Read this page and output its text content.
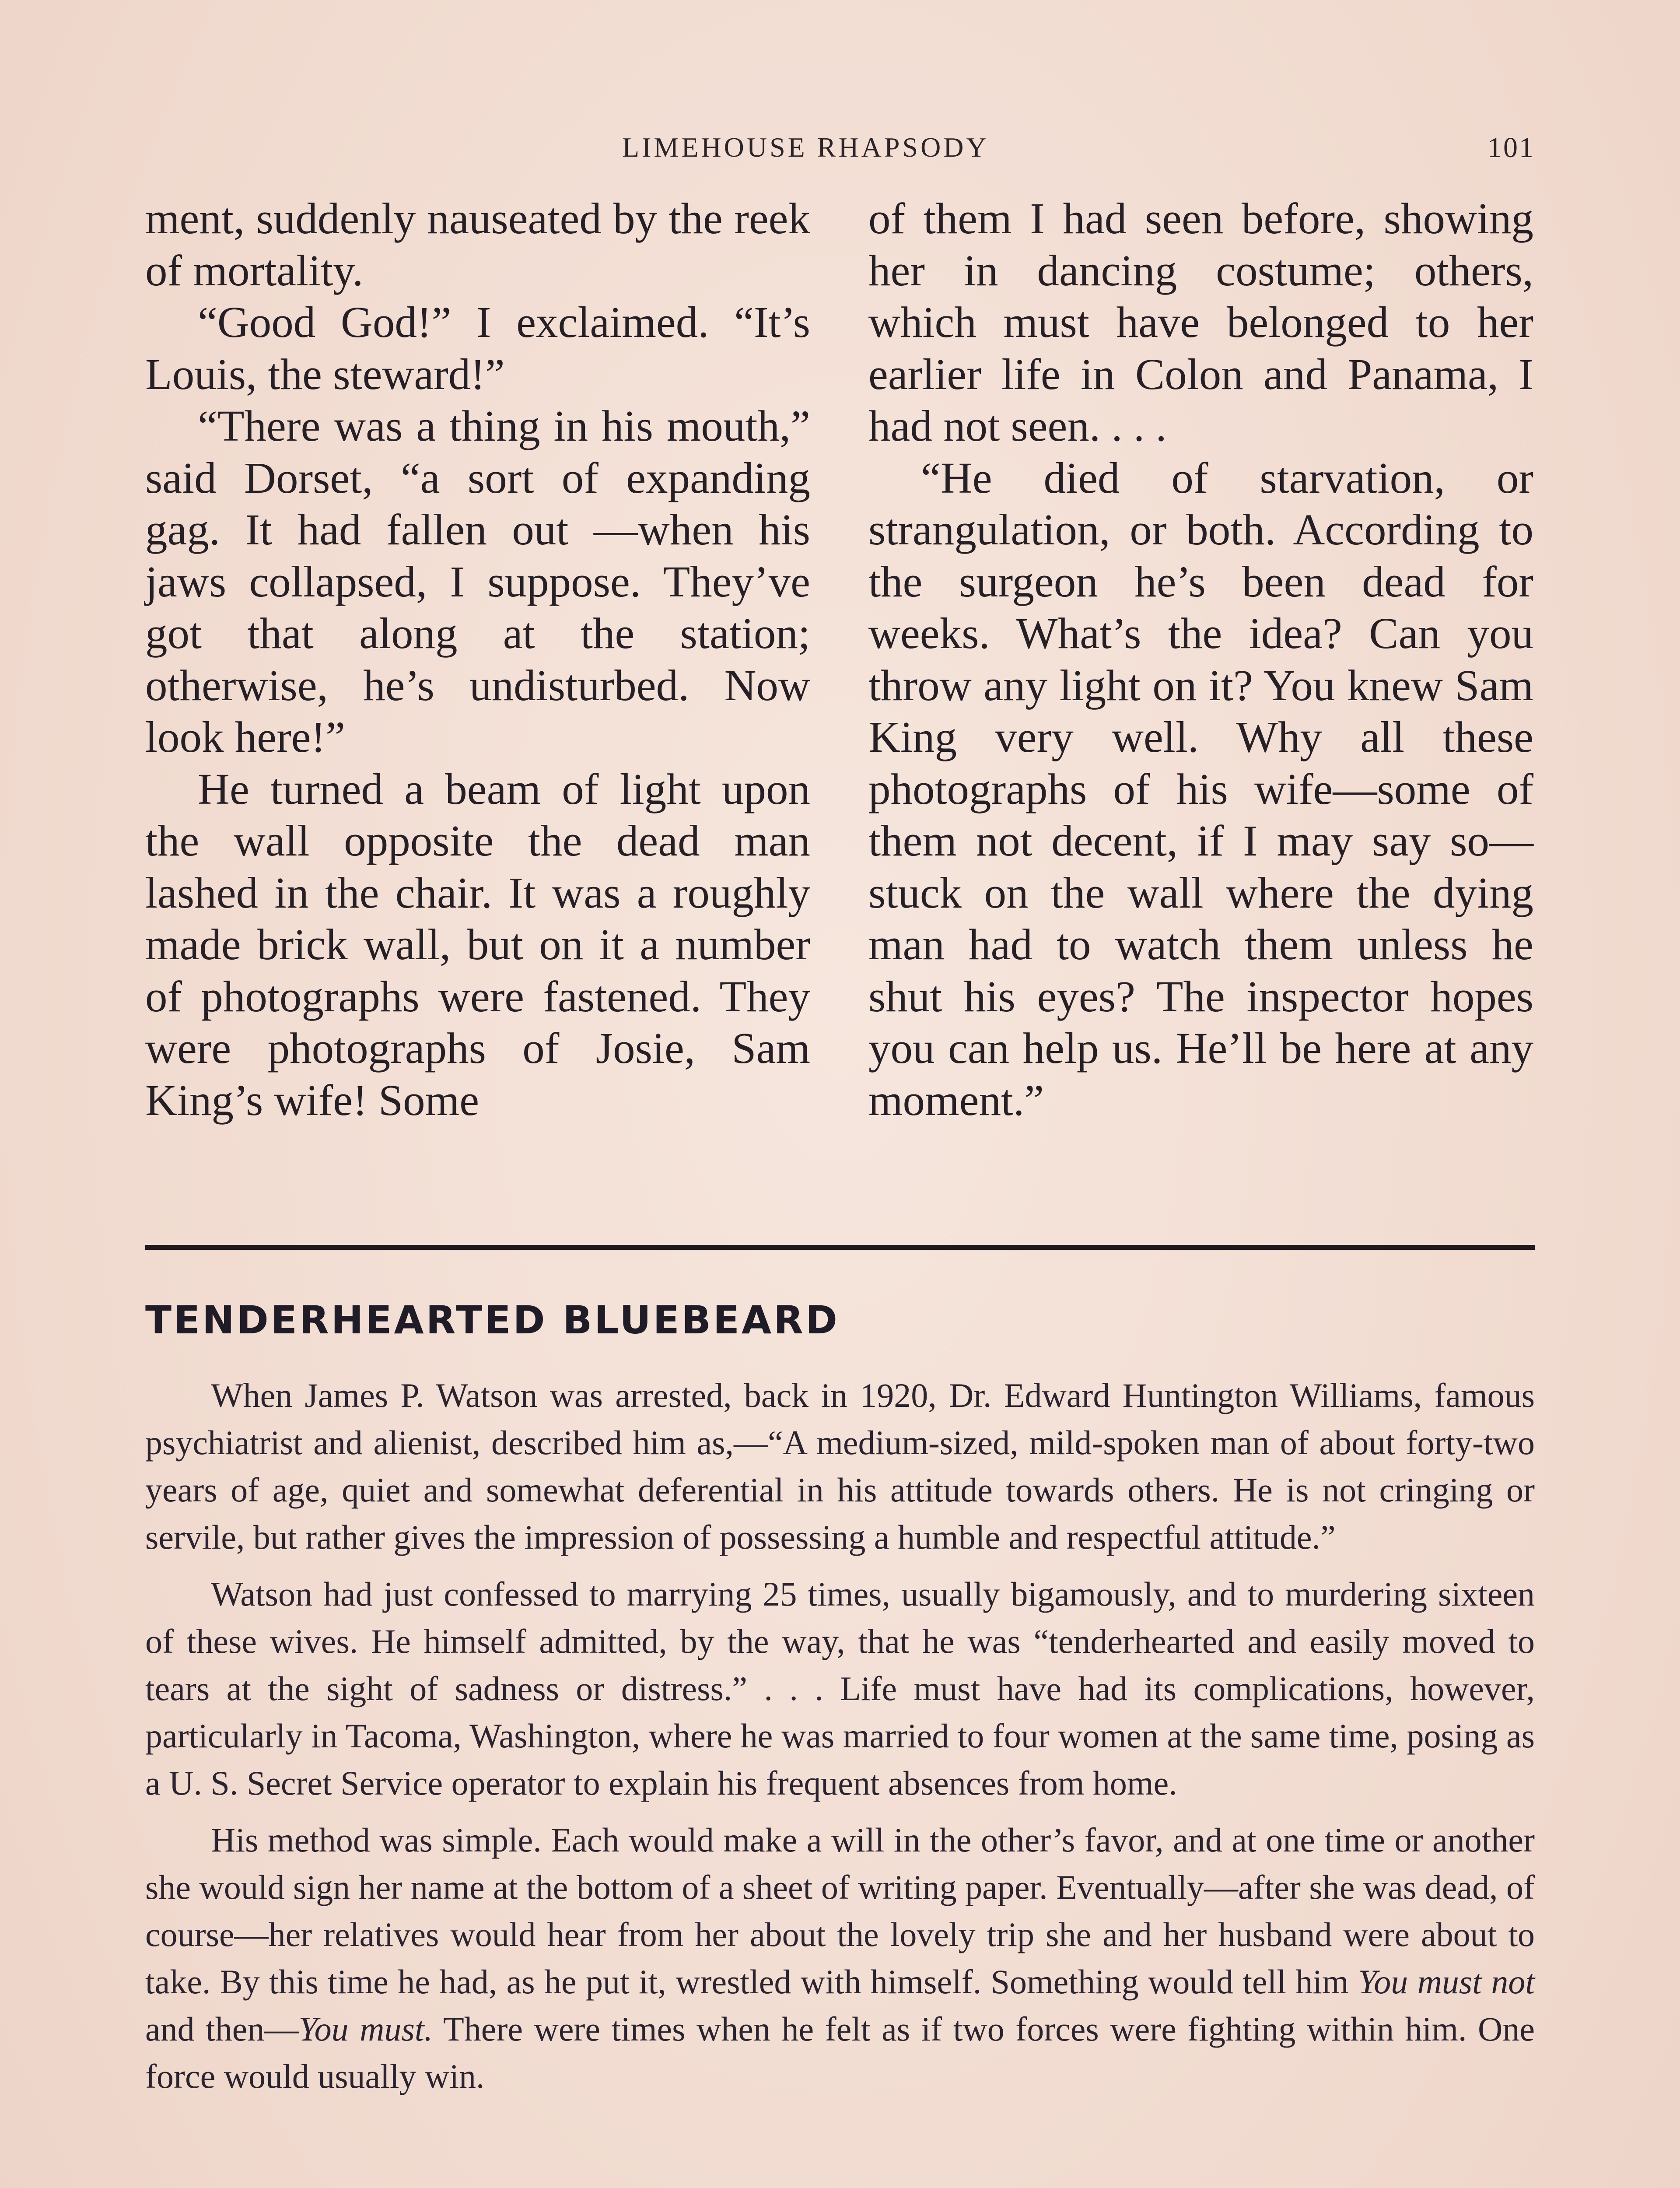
LIMEHOUSE RHAPSODY	101

ment, suddenly nauseated by the reek of mortality.

“Good God!” I exclaimed. “It’s Louis, the steward!”

“There was a thing in his mouth,” said Dorset, “a sort of expanding gag. It had fallen out —when his jaws collapsed, I suppose. They’ve got that along at the station; otherwise, he’s undisturbed. Now look here!”

He turned a beam of light upon the wall opposite the dead man lashed in the chair. It was a roughly made brick wall, but on it a number of photographs were fastened. They were photographs of Josie, Sam King’s wife! Some

of them I had seen before, showing her in dancing costume; others, which must have belonged to her earlier life in Colon and Panama, I had not seen. . . .

“He died of starvation, or strangulation, or both. According to the surgeon he’s been dead for weeks. What’s the idea? Can you throw any light on it? You knew Sam King very well. Why all these photographs of his wife—some of them not decent, if I may say so—stuck on the wall where the dying man had to watch them unless he shut his eyes? The inspector hopes you can help us. He’ll be here at any moment.”

TENDERHEARTED BLUEBEARD

When James P. Watson was arrested, back in 1920, Dr. Edward Huntington Williams, famous psychiatrist and alienist, described him as,—“A medium-sized, mild-spoken man of about forty-two years of age, quiet and somewhat deferential in his attitude towards others. He is not cringing or servile, but rather gives the impression of possessing a humble and respectful attitude.”

Watson had just confessed to marrying 25 times, usually bigamously, and to murdering sixteen of these wives. He himself admitted, by the way, that he was “tenderhearted and easily moved to tears at the sight of sadness or distress.” . . . Life must have had its complications, however, particularly in Tacoma, Washington, where he was married to four women at the same time, posing as a U. S. Secret Service operator to explain his frequent absences from home.

His method was simple. Each would make a will in the other’s favor, and at one time or another she would sign her name at the bottom of a sheet of writing paper. Eventually—after she was dead, of course—her relatives would hear from her about the lovely trip she and her husband were about to take. By this time he had, as he put it, wrestled with himself. Something would tell him You must not and then—You must. There were times when he felt as if two forces were fighting within him. One force would usually win.
